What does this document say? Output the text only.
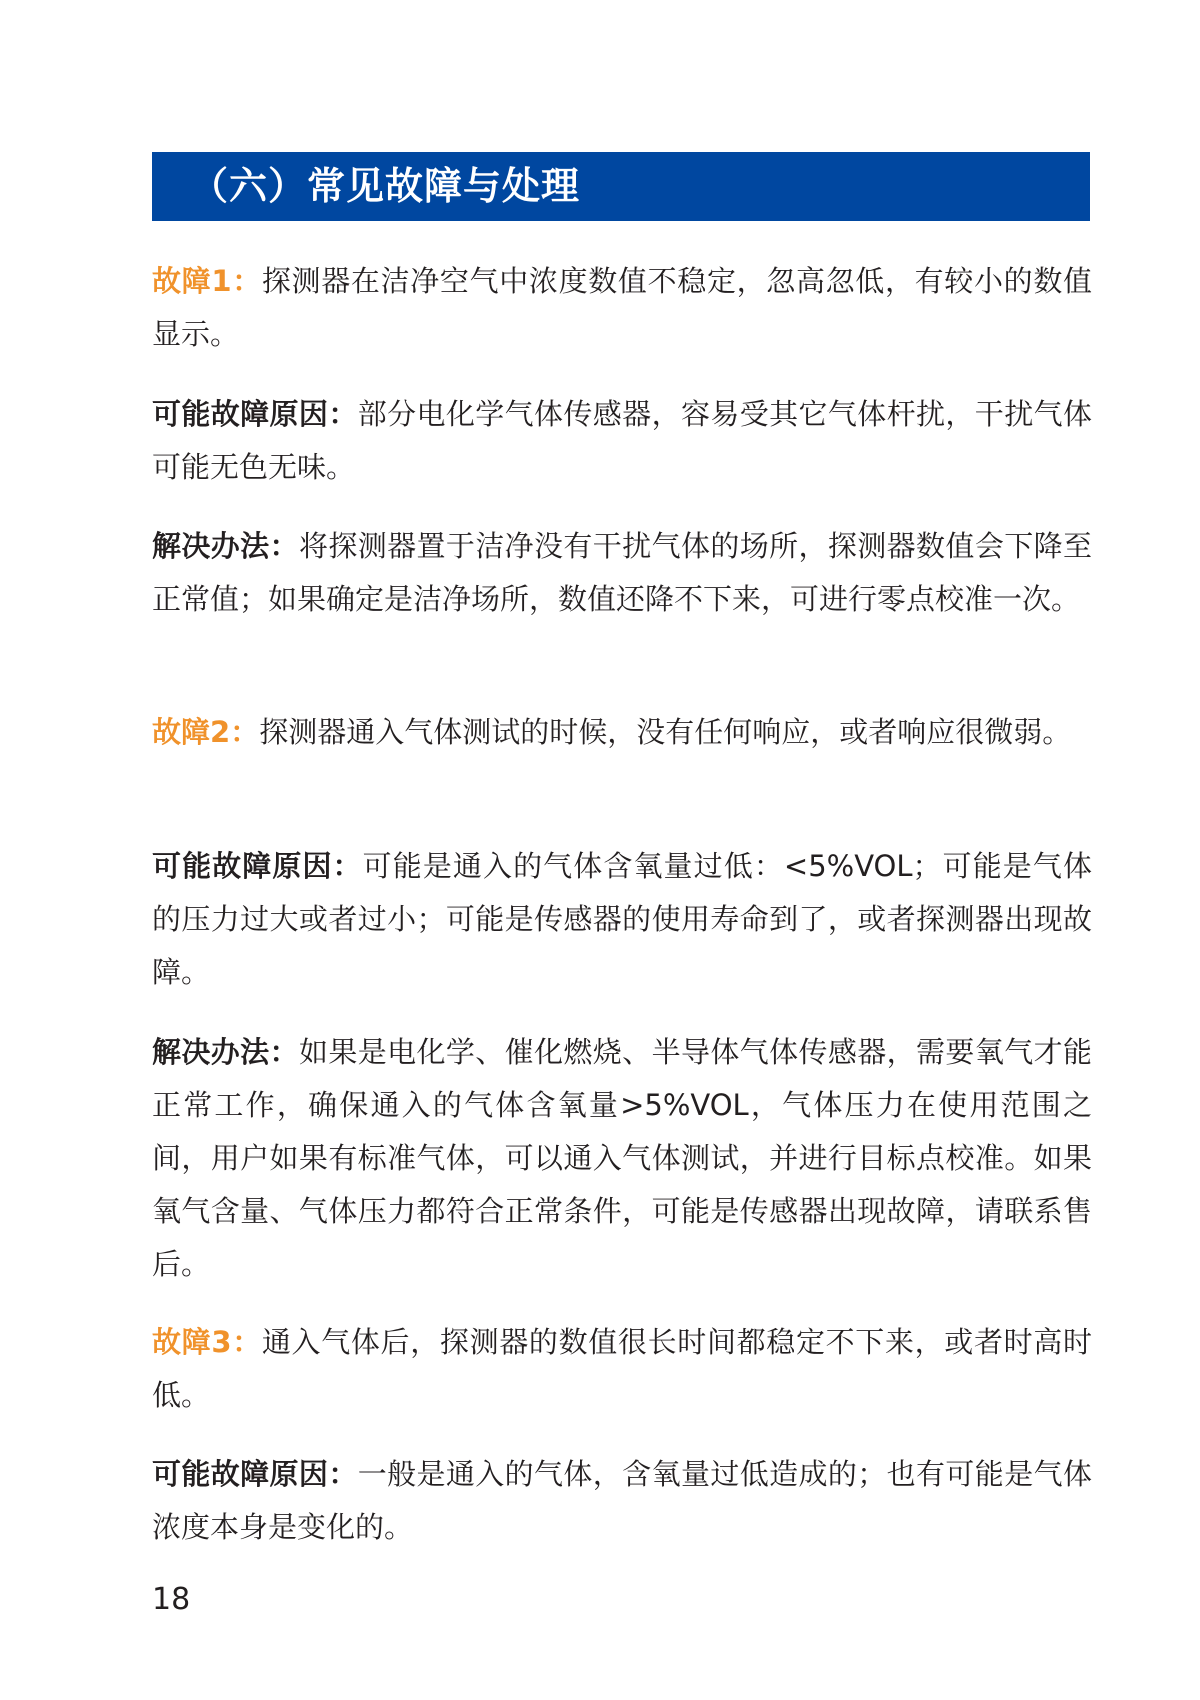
（六）常见故障与处理
故障1：探测器在洁净空气中浓度数值不稳定，忽高忽低，有较小的数值显示。
可能故障原因：部分电化学气体传感器，容易受其它气体杆扰，干扰气体可能无色无味。
解决办法：将探测器置于洁净没有干扰气体的场所，探测器数值会下降至正常值；如果确定是洁净场所，数值还降不下来，可进行零点校准一次。
故障2：探测器通入气体测试的时候，没有任何响应，或者响应很微弱。
可能故障原因：可能是通入的气体含氧量过低：<5%VOL；可能是气体的压力过大或者过小；可能是传感器的使用寿命到了，或者探测器出现故障。
解决办法：如果是电化学、催化燃烧、半导体气体传感器，需要氧气才能正常工作，确保通入的气体含氧量>5%VOL，气体压力在使用范围之间，用户如果有标准气体，可以通入气体测试，并进行目标点校准。如果氧气含量、气体压力都符合正常条件，可能是传感器出现故障，请联系售后。
故障3：通入气体后，探测器的数值很长时间都稳定不下来，或者时高时低。
可能故障原因：一般是通入的气体，含氧量过低造成的；也有可能是气体浓度本身是变化的。
18
